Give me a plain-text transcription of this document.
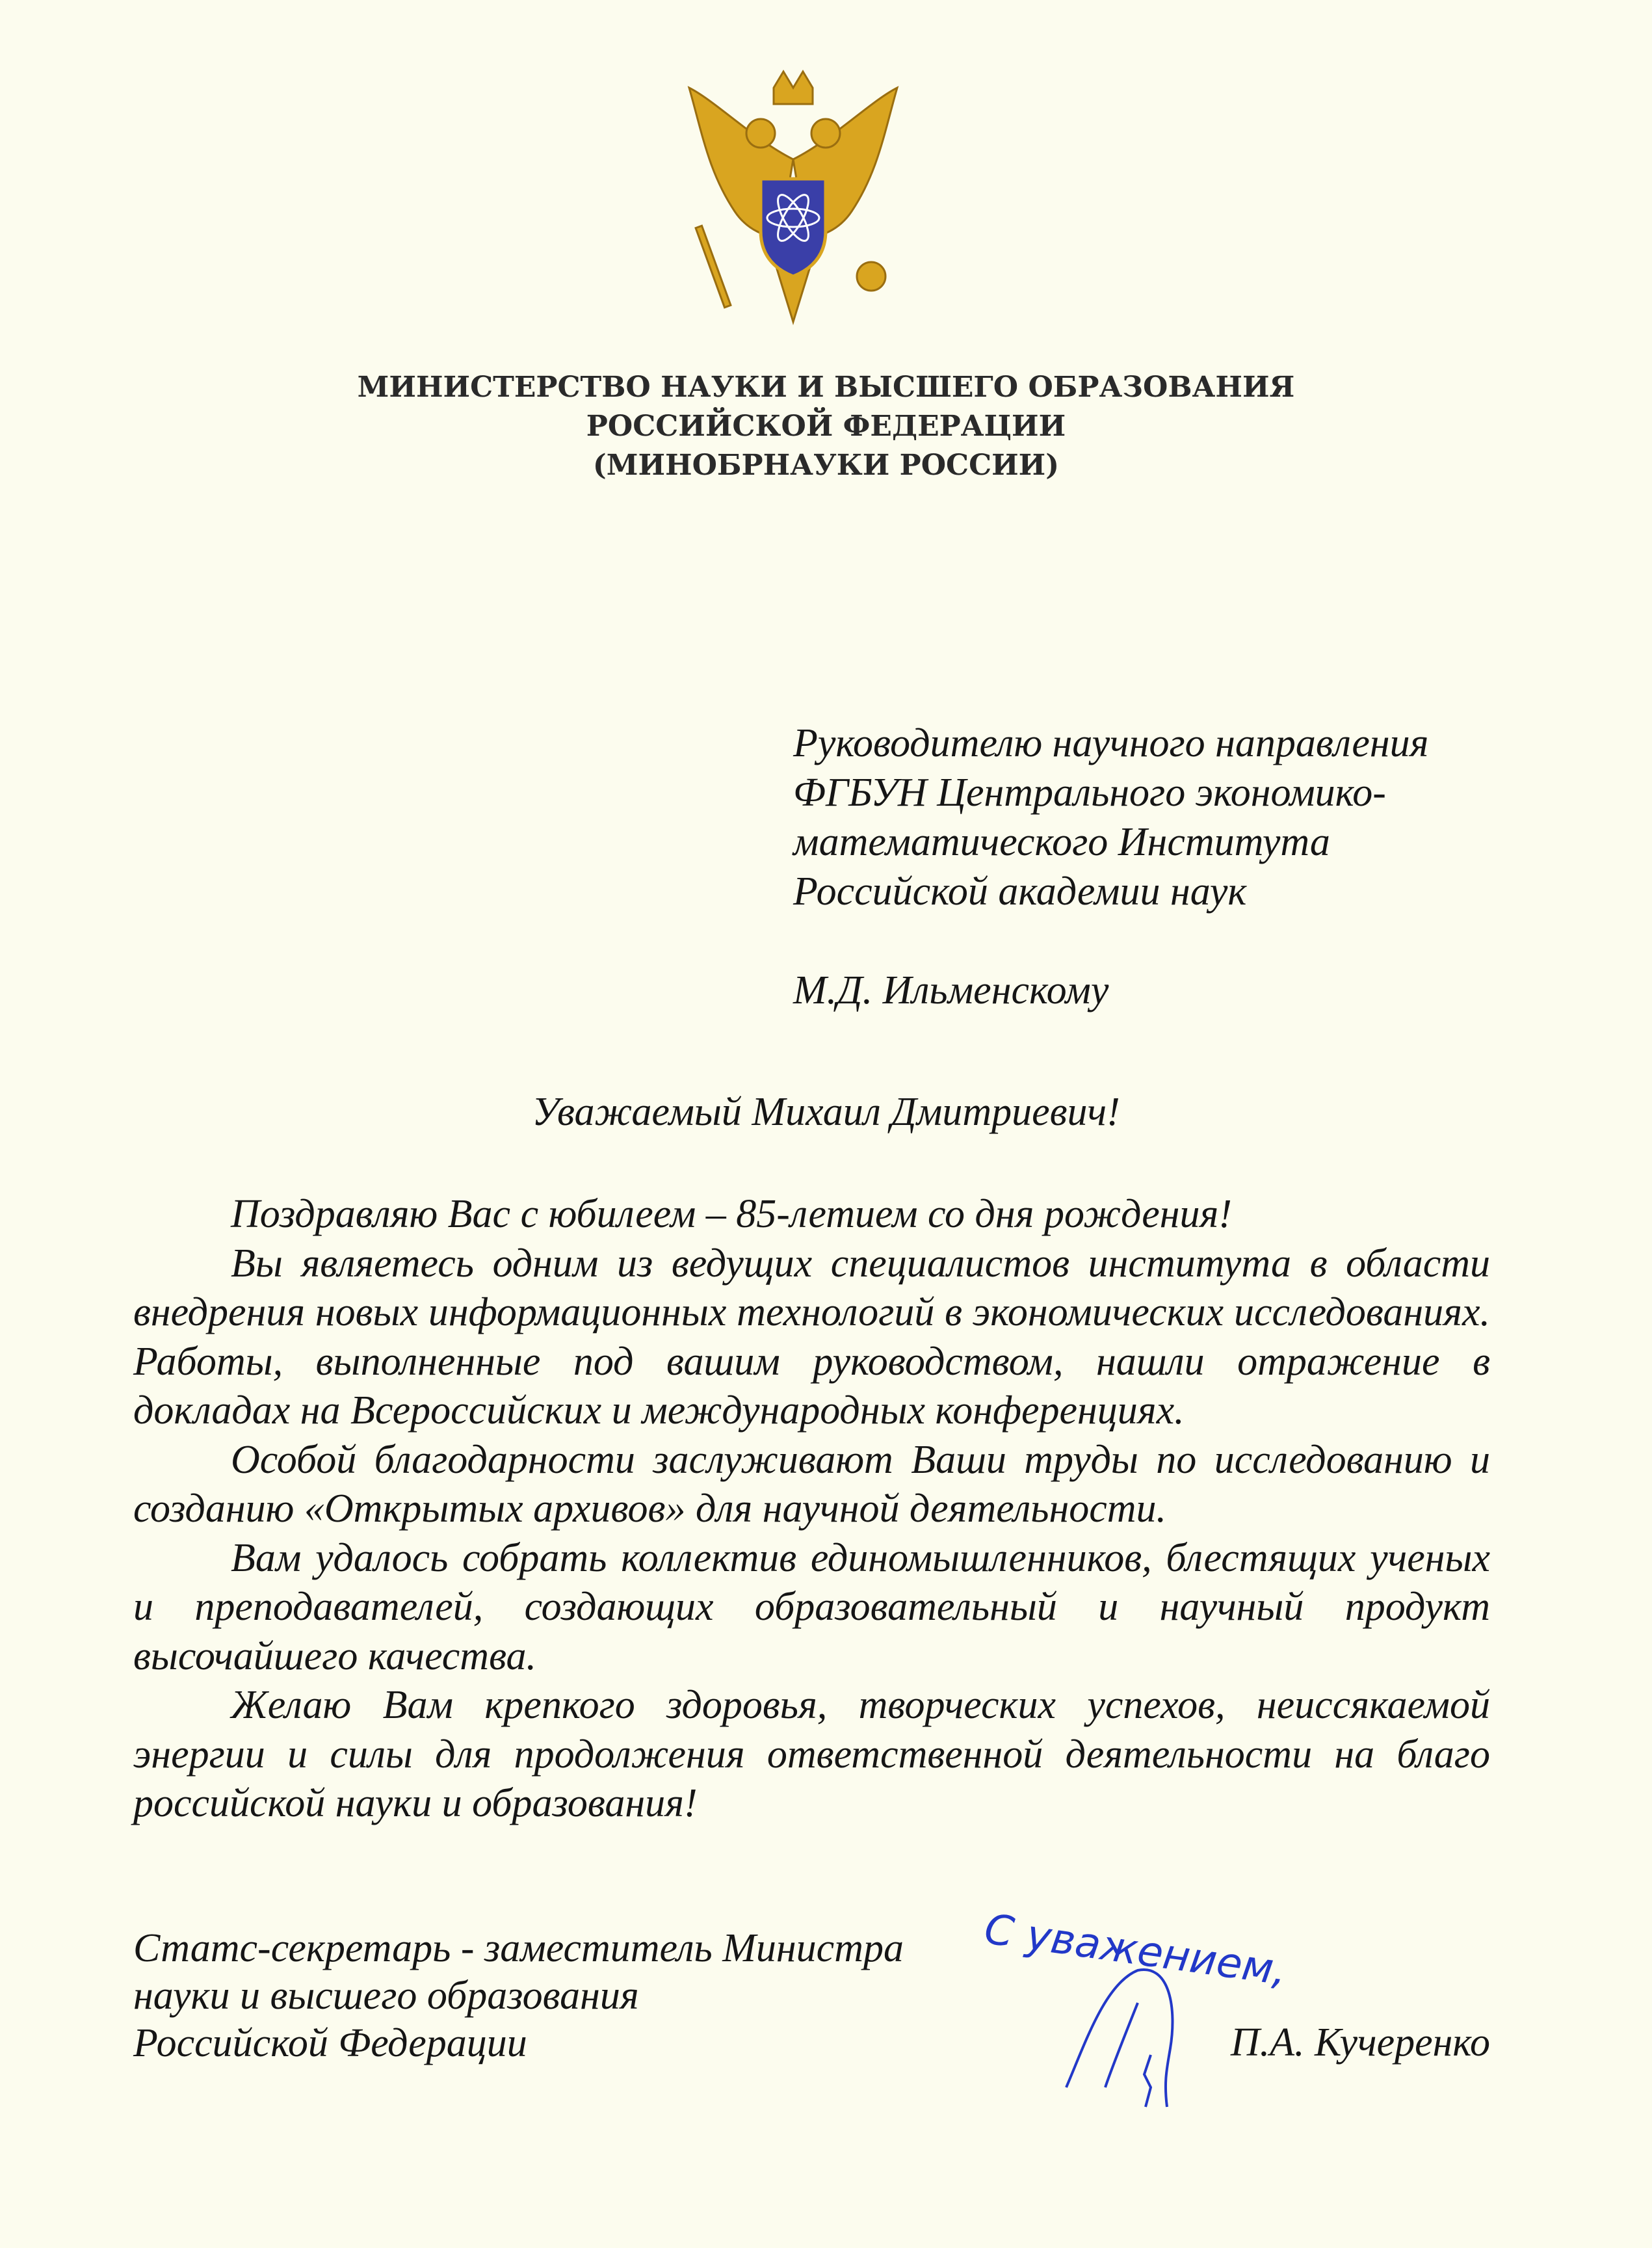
МИНИСТЕРСТВО НАУКИ И ВЫСШЕГО ОБРАЗОВАНИЯ
РОССИЙСКОЙ ФЕДЕРАЦИИ
(МИНОБРНАУКИ РОССИИ)
Руководителю научного направления
ФГБУН Центрального экономико-
математического Института
Российской академии наук
М.Д. Ильменскому
Уважаемый Михаил Дмитриевич!

Поздравляю Вас с юбилеем – 85-летием со дня рождения!

Вы являетесь одним из ведущих специалистов института в области внедрения новых информационных технологий в экономических исследованиях. Работы, выполненные под вашим руководством, нашли отражение в докладах на Всероссийских и международных конференциях.

Особой благодарности заслуживают Ваши труды по исследованию и созданию «Открытых архивов» для научной деятельности.

Вам удалось собрать коллектив единомышленников, блестящих ученых и преподавателей, создающих образовательный и научный продукт высочайшего качества.

Желаю Вам крепкого здоровья, творческих успехов, неиссякаемой энергии и силы для продолжения ответственной деятельности на благо российской науки и образования!

Статс-секретарь - заместитель Министра
науки и высшего образования
Российской Федерации
С уважением,
П.А. Кучеренко
